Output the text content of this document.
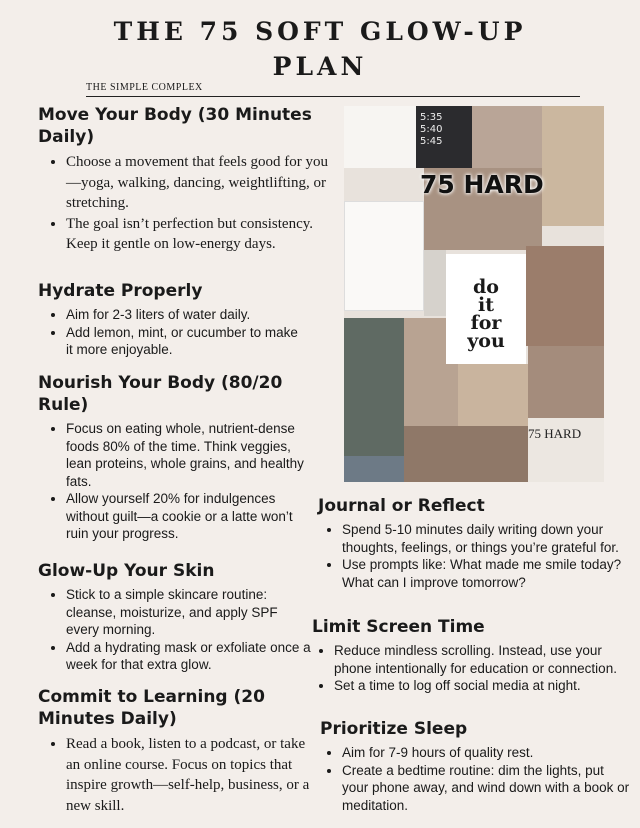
THE 75 SOFT GLOW-UP
PLAN
THE SIMPLE COMPLEX
Move Your Body (30 Minutes
Daily)
• Choose a movement that feels good for you—yoga, walking, dancing, weightlifting, or stretching.
• The goal isn’t perfection but consistency. Keep it gentle on low-energy days.
Hydrate Properly
• Aim for 2-3 liters of water daily.
• Add lemon, mint, or cucumber to make it more enjoyable.
Nourish Your Body (80/20
Rule)
• Focus on eating whole, nutrient-dense foods 80% of the time. Think veggies, lean proteins, whole grains, and healthy fats.
• Allow yourself 20% for indulgences without guilt—a cookie or a latte won’t ruin your progress.
Glow-Up Your Skin
• Stick to a simple skincare routine: cleanse, moisturize, and apply SPF every morning.
• Add a hydrating mask or exfoliate once a week for that extra glow.
Commit to Learning (20
Minutes Daily)
• Read a book, listen to a podcast, or take an online course. Focus on topics that inspire growth—self-help, business, or a new skill.
Journal or Reflect
• Spend 5-10 minutes daily writing down your thoughts, feelings, or things you’re grateful for.
• Use prompts like: What made me smile today? What can I improve tomorrow?
Limit Screen Time
• Reduce mindless scrolling. Instead, use your phone intentionally for education or connection.
• Set a time to log off social media at night.
Prioritize Sleep
• Aim for 7-9 hours of quality rest.
• Create a bedtime routine: dim the lights, put your phone away, and wind down with a book or meditation.
5:35
5:40
5:45
75 HARD
do
it
for
you
75 HARD
